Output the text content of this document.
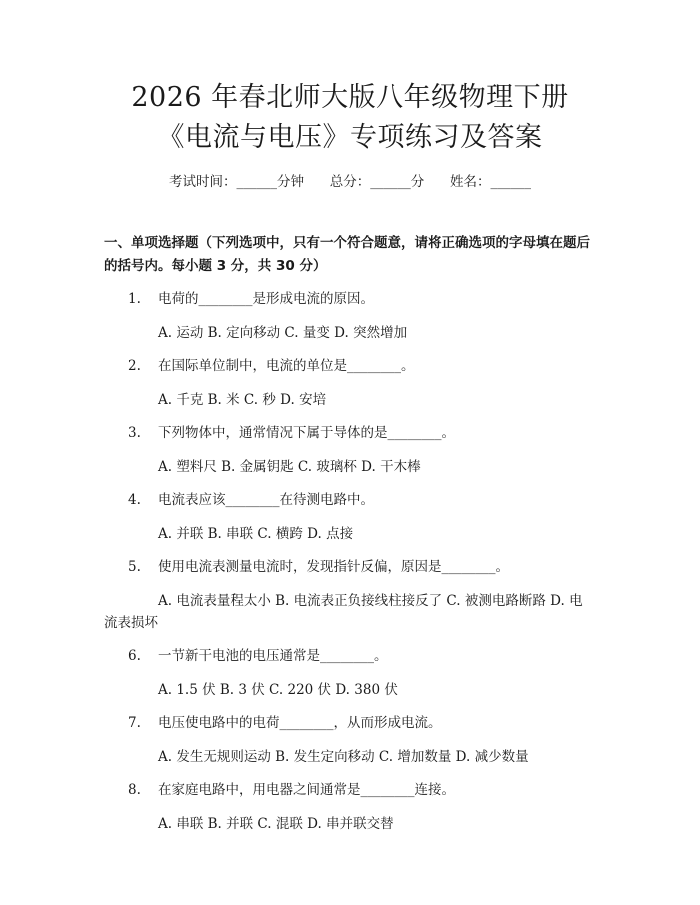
2026 年春北师大版八年级物理下册《电流与电压》专项练习及答案
考试时间：______分钟      总分：______分      姓名：______
一、单项选择题（下列选项中，只有一个符合题意，请将正确选项的字母填在题后的括号内。每小题 3 分，共 30 分）
1. 电荷的________是形成电流的原因。
A. 运动 B. 定向移动 C. 量变 D. 突然增加
2. 在国际单位制中，电流的单位是________。
A. 千克 B. 米 C. 秒 D. 安培
3. 下列物体中，通常情况下属于导体的是________。
A. 塑料尺 B. 金属钥匙 C. 玻璃杯 D. 干木棒
4. 电流表应该________在待测电路中。
A. 并联 B. 串联 C. 横跨 D. 点接
5. 使用电流表测量电流时，发现指针反偏，原因是________。
A. 电流表量程太小 B. 电流表正负接线柱接反了 C. 被测电路断路 D. 电流表损坏
6. 一节新干电池的电压通常是________。
A. 1.5 伏 B. 3 伏 C. 220 伏 D. 380 伏
7. 电压使电路中的电荷________，从而形成电流。
A. 发生无规则运动 B. 发生定向移动 C. 增加数量 D. 减少数量
8. 在家庭电路中，用电器之间通常是________连接。
A. 串联 B. 并联 C. 混联 D. 串并联交替
